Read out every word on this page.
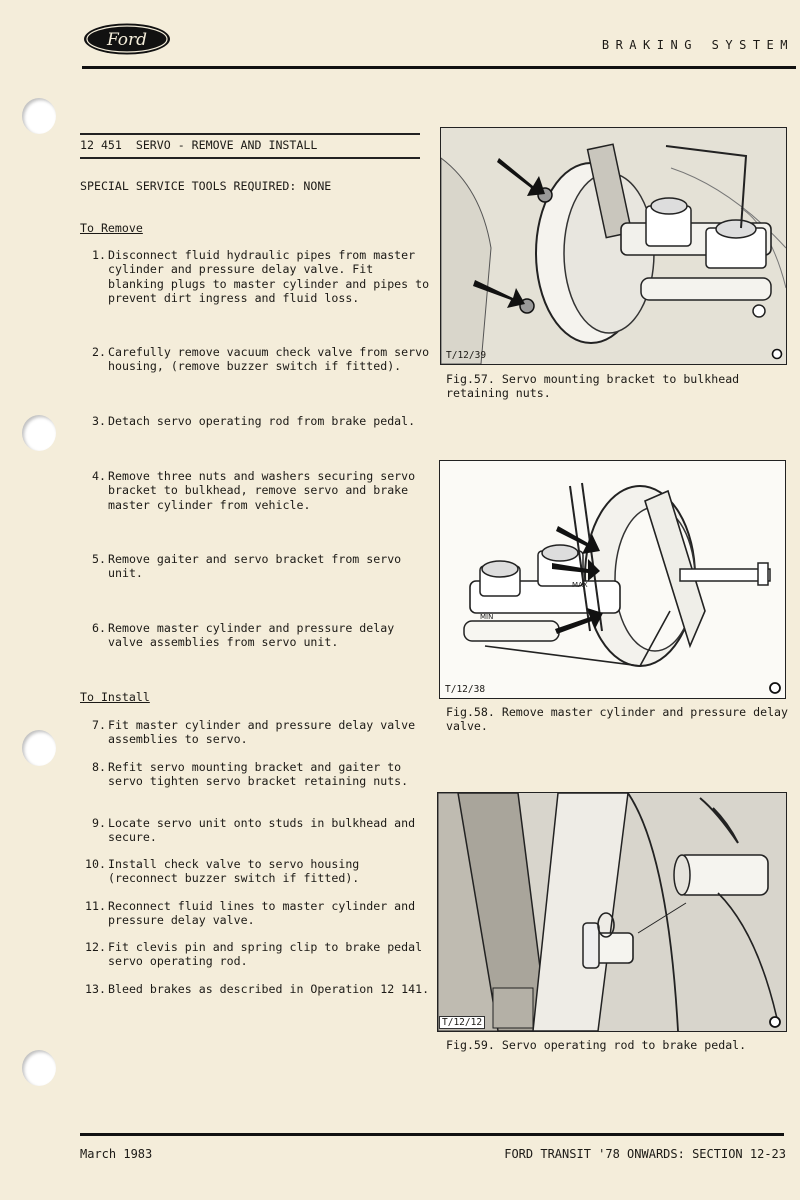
Ford	BRAKING SYSTEM
12 451  SERVO - REMOVE AND INSTALL
SPECIAL SERVICE TOOLS REQUIRED: NONE
To Remove
1. Disconnect fluid hydraulic pipes from master
cylinder and pressure delay valve. Fit
blanking plugs to master cylinder and pipes to
prevent dirt ingress and fluid loss.
2. Carefully remove vacuum check valve from servo
housing, (remove buzzer switch if fitted).
3. Detach servo operating rod from brake pedal.
4. Remove three nuts and washers securing servo
bracket to bulkhead, remove servo and brake
master cylinder from vehicle.
5. Remove gaiter and servo bracket from servo
unit.
6. Remove master cylinder and pressure delay
valve assemblies from servo unit.
To Install
7. Fit master cylinder and pressure delay valve
assemblies to servo.
8. Refit servo mounting bracket and gaiter to
servo tighten servo bracket retaining nuts.
9. Locate servo unit onto studs in bulkhead and
secure.
10. Install check valve to servo housing
(reconnect buzzer switch if fitted).
11. Reconnect fluid lines to master cylinder and
pressure delay valve.
12. Fit clevis pin and spring clip to brake pedal
servo operating rod.
13. Bleed brakes as described in Operation 12 141.
T/12/39
Fig.57. Servo mounting bracket to bulkhead
retaining nuts.
MIN
MAX
T/12/38
Fig.58. Remove master cylinder and pressure delay
valve.
T/12/12
Fig.59. Servo operating rod to brake pedal.
March 1983	FORD TRANSIT '78 ONWARDS: SECTION 12-23
